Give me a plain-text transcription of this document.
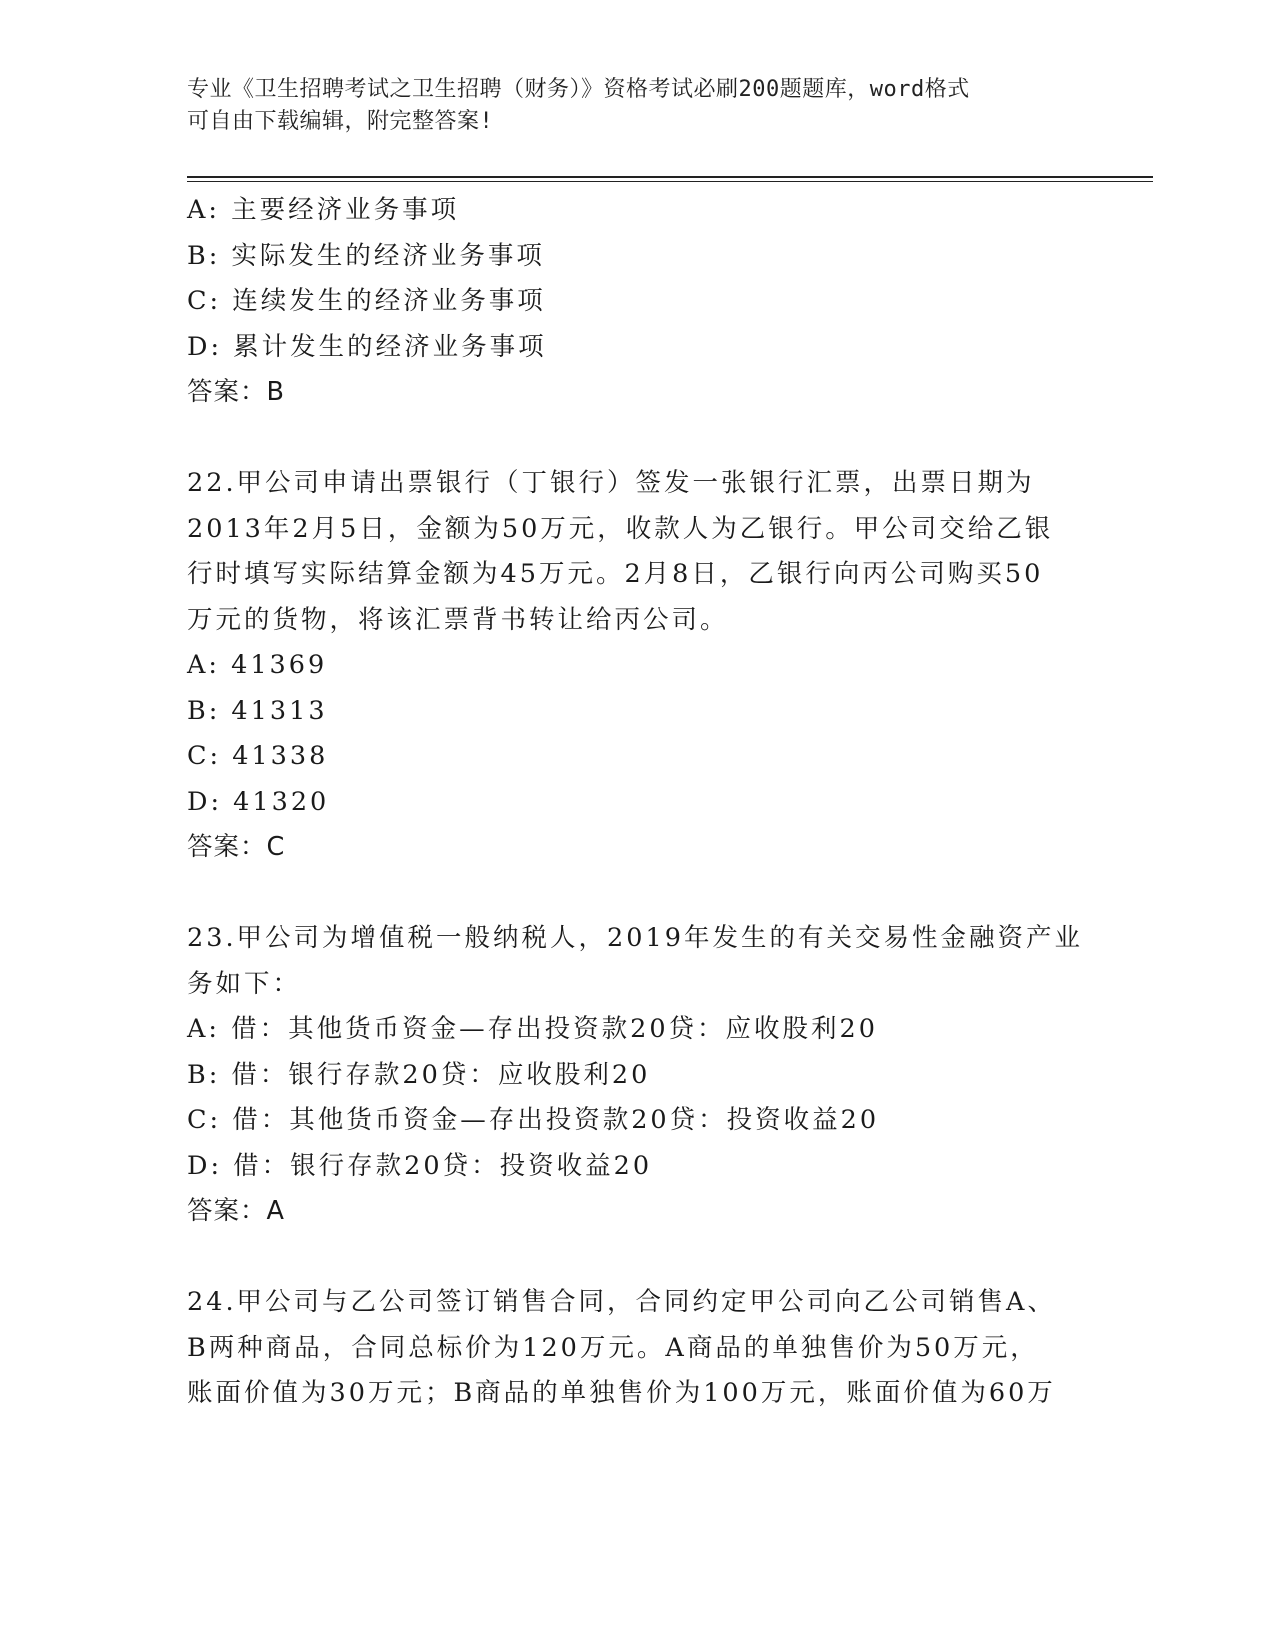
专业《卫生招聘考试之卫生招聘（财务）》资格考试必刷200题题库，word格式
可自由下载编辑，附完整答案!
A: 主要经济业务事项
B: 实际发生的经济业务事项
C: 连续发生的经济业务事项
D: 累计发生的经济业务事项
答案：B
22.甲公司申请出票银行（丁银行）签发一张银行汇票，出票日期为
2013年2月5日，金额为50万元，收款人为乙银行。甲公司交给乙银
行时填写实际结算金额为45万元。2月8日，乙银行向丙公司购买50
万元的货物，将该汇票背书转让给丙公司。
A: 41369
B: 41313
C: 41338
D: 41320
答案：C
23.甲公司为增值税一般纳税人，2019年发生的有关交易性金融资产业
务如下：
A: 借：其他货币资金—存出投资款20贷：应收股利20
B: 借：银行存款20贷：应收股利20
C: 借：其他货币资金—存出投资款20贷：投资收益20
D: 借：银行存款20贷：投资收益20
答案：A
24.甲公司与乙公司签订销售合同，合同约定甲公司向乙公司销售A、
B两种商品，合同总标价为120万元。A商品的单独售价为50万元，
账面价值为30万元；B商品的单独售价为100万元，账面价值为60万
